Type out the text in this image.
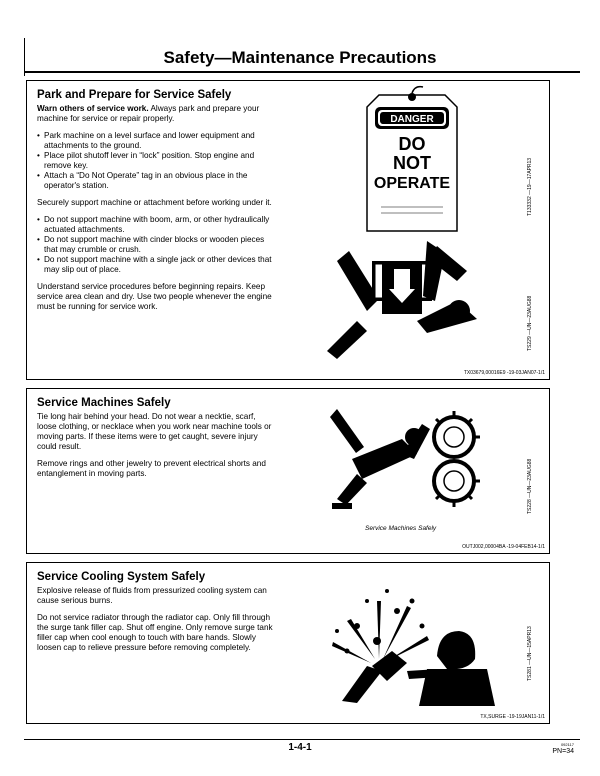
Safety—Maintenance Precautions
Park and Prepare for Service Safely

Warn others of service work. Always park and prepare your machine for service or repair properly.

• Park machine on a level surface and lower equipment and attachments to the ground.
• Place pilot shutoff lever in “lock” position. Stop engine and remove key.
• Attach a “Do Not Operate” tag in an obvious place in the operator's station.

Securely support machine or attachment before working under it.

• Do not support machine with boom, arm, or other hydraulically actuated attachments.
• Do not support machine with cinder blocks or wooden pieces that may crumble or crush.
• Do not support machine with a single jack or other devices that may slip out of place.

Understand service procedures before beginning repairs. Keep service area clean and dry. Use two people whenever the engine must be running for service work.

DANGER
DO
NOT
OPERATE	T133332 —19—17APR13
TS229 —UN—23AUG88
TX03679,00016E9 -19-03JAN07-1/1
Service Machines Safely

Tie long hair behind your head. Do not wear a necktie, scarf, loose clothing, or necklace when you work near machine tools or moving parts. If these items were to get caught, severe injury could result.

Remove rings and other jewelry to prevent electrical shorts and entanglement in moving parts.

Service Machines Safely
TS228 —UN—23AUG88
OUTJ002,00004BA -19-04FEB14-1/1
Service Cooling System Safely

Explosive release of fluids from pressurized cooling system can cause serious burns.

Do not service radiator through the radiator cap. Only fill through the surge tank filler cap. Shut off engine. Only remove surge tank filler cap when cool enough to touch with bare hands. Slowly loosen cap to relieve pressure before removing completely.	TS281 —UN—15APR13
TX,SURGE -19-19JAN11-1/1
1-4-1	092117
PN=34
